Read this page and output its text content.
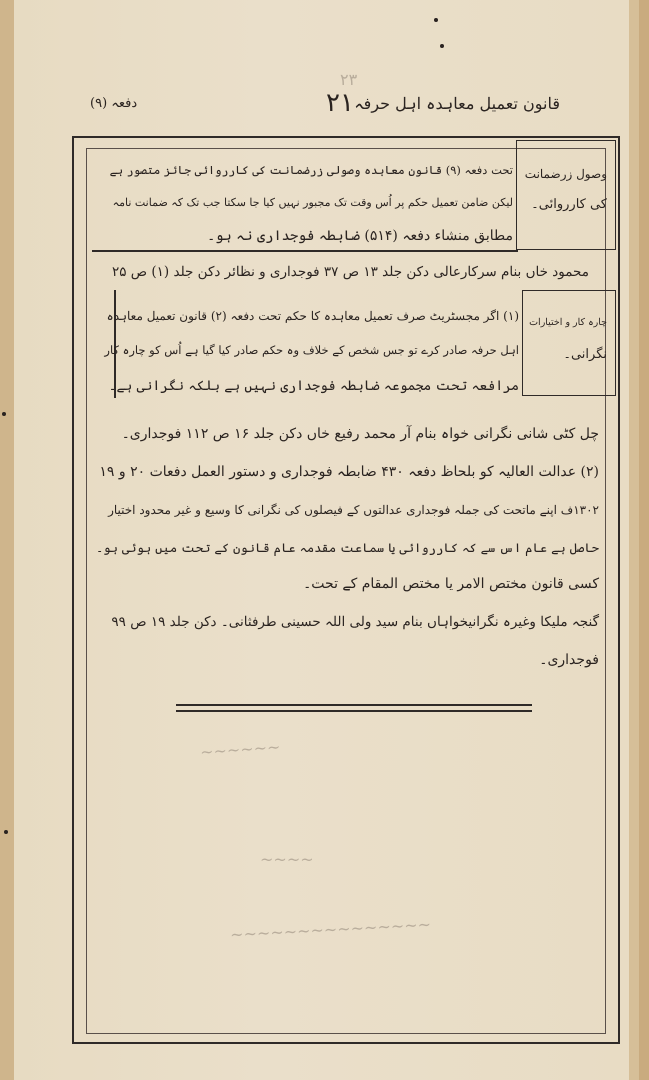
۲۳
~~~~~~
~~~~
~~~~~~~~~~~~~~~
قانون تعمیل معاہدہ اہل حرفہ
۲۱
دفعہ (۹)
وصول زرضمانت
کی کارروائی۔
تحت دفعہ (۹) قانون معاہدہ وصولی زرضمانت کی کارروائی جائز متصور ہے
لیکن ضامن تعمیل حکم پر اُس وقت تک مجبور نہیں کیا جا سکتا جب تک کہ ضمانت نامہ
مطابق منشاء دفعہ (۵۱۴) ضابطہ فوجداری نہ ہو۔
محمود خاں بنام سرکارعالی دکن جلد ۱۳ ص ۳۷ فوجداری و نظائر دکن جلد (۱) ص ۲۵
چارہ کار و اختیارات
نگرانی۔
(۱) اگر مجسٹریٹ صرف تعمیل معاہدہ کا حکم تحت دفعہ (۲) قانون تعمیل معاہدہ
اہل حرفہ صادر کرے تو جس شخص کے خلاف وہ حکم صادر کیا گیا ہے اُس کو چارہ کار
مرافعہ تحت مجموعہ ضابطہ فوجداری نہیں ہے بلکہ نگرانی ہے۔
چل کٹی شانی نگرانی خواہ بنام آر محمد رفیع خاں دکن جلد ۱۶ ص ۱۱۲ فوجداری۔
(۲) عدالت العالیہ کو بلحاظ دفعہ ۴۳۰ ضابطہ فوجداری و دستور العمل دفعات ۲۰ و ۱۹
۱۳۰۲ف اپنے ماتحت کی جملہ فوجداری عدالتوں کے فیصلوں کی نگرانی کا وسیع و غیر محدود اختیار
حاصل ہے عام اس سے کہ کارروائی یا سماعت مقدمہ عام قانون کے تحت میں ہوئی ہو۔
کسی قانون مختص الامر یا مختص المقام کے تحت۔
گنجہ ملیکا وغیرہ نگرانیخواہاں بنام سید ولی اللہ حسینی طرفثانی۔ دکن جلد ۱۹ ص ۹۹
فوجداری۔
